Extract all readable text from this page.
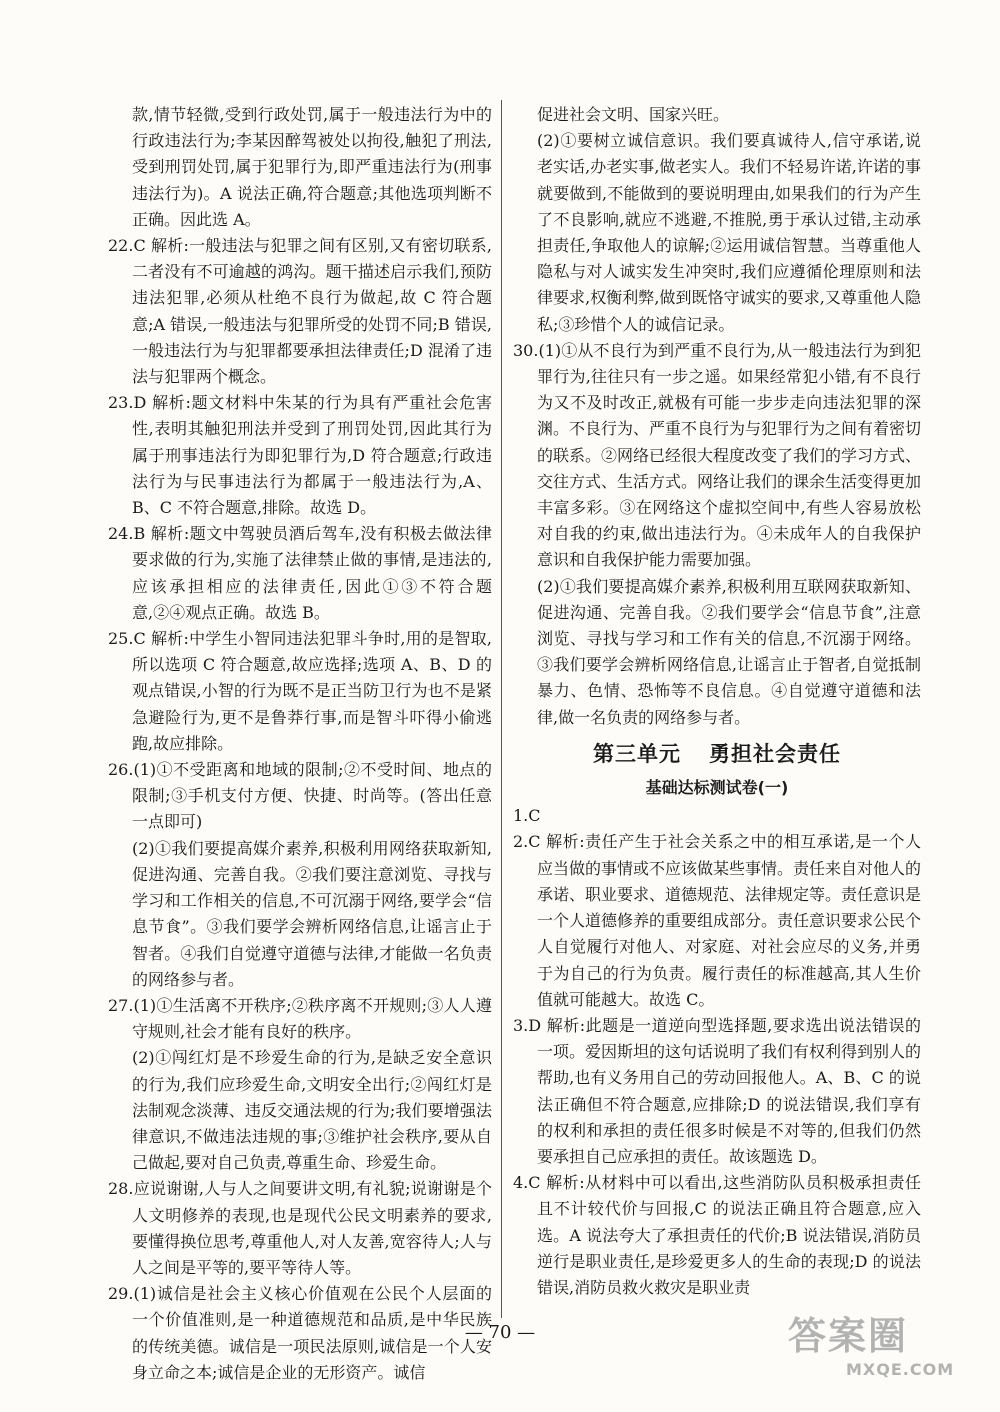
款,情节轻微,受到行政处罚,属于一般违法行为中的行政违法行为;李某因醉驾被处以拘役,触犯了刑法,受到刑罚处罚,属于犯罪行为,即严重违法行为(刑事违法行为)。A 说法正确,符合题意;其他选项判断不正确。因此选 A。

22.C 解析:一般违法与犯罪之间有区别,又有密切联系,二者没有不可逾越的鸿沟。题干描述启示我们,预防违法犯罪,必须从杜绝不良行为做起,故 C 符合题意;A 错误,一般违法与犯罪所受的处罚不同;B 错误,一般违法行为与犯罪都要承担法律责任;D 混淆了违法与犯罪两个概念。

23.D 解析:题文材料中朱某的行为具有严重社会危害性,表明其触犯刑法并受到了刑罚处罚,因此其行为属于刑事违法行为即犯罪行为,D 符合题意;行政违法行为与民事违法行为都属于一般违法行为,A、B、C 不符合题意,排除。故选 D。

24.B 解析:题文中驾驶员酒后驾车,没有积极去做法律要求做的行为,实施了法律禁止做的事情,是违法的,应该承担相应的法律责任,因此①③不符合题意,②④观点正确。故选 B。

25.C 解析:中学生小智同违法犯罪斗争时,用的是智取,所以选项 C 符合题意,故应选择;选项 A、B、D 的观点错误,小智的行为既不是正当防卫行为也不是紧急避险行为,更不是鲁莽行事,而是智斗吓得小偷逃跑,故应排除。

26.(1)①不受距离和地域的限制;②不受时间、地点的限制;③手机支付方便、快捷、时尚等。(答出任意一点即可)

(2)①我们要提高媒介素养,积极利用网络获取新知,促进沟通、完善自我。②我们要注意浏览、寻找与学习和工作相关的信息,不可沉溺于网络,要学会“信息节食”。③我们要学会辨析网络信息,让谣言止于智者。④我们自觉遵守道德与法律,才能做一名负责的网络参与者。

27.(1)①生活离不开秩序;②秩序离不开规则;③人人遵守规则,社会才能有良好的秩序。

(2)①闯红灯是不珍爱生命的行为,是缺乏安全意识的行为,我们应珍爱生命,文明安全出行;②闯红灯是法制观念淡薄、违反交通法规的行为;我们要增强法律意识,不做违法违规的事;③维护社会秩序,要从自己做起,要对自己负责,尊重生命、珍爱生命。

28.应说谢谢,人与人之间要讲文明,有礼貌;说谢谢是个人文明修养的表现,也是现代公民文明素养的要求,要懂得换位思考,尊重他人,对人友善,宽容待人;人与人之间是平等的,要平等待人等。

29.(1)诚信是社会主义核心价值观在公民个人层面的一个价值准则,是一种道德规范和品质,是中华民族的传统美德。诚信是一项民法原则,诚信是一个人安身立命之本;诚信是企业的无形资产。诚信

促进社会文明、国家兴旺。

(2)①要树立诚信意识。我们要真诚待人,信守承诺,说老实话,办老实事,做老实人。我们不轻易许诺,许诺的事就要做到,不能做到的要说明理由,如果我们的行为产生了不良影响,就应不逃避,不推脱,勇于承认过错,主动承担责任,争取他人的谅解;②运用诚信智慧。当尊重他人隐私与对人诚实发生冲突时,我们应遵循伦理原则和法律要求,权衡利弊,做到既恪守诚实的要求,又尊重他人隐私;③珍惜个人的诚信记录。

30.(1)①从不良行为到严重不良行为,从一般违法行为到犯罪行为,往往只有一步之遥。如果经常犯小错,有不良行为又不及时改正,就极有可能一步步走向违法犯罪的深渊。不良行为、严重不良行为与犯罪行为之间有着密切的联系。②网络已经很大程度改变了我们的学习方式、交往方式、生活方式。网络让我们的课余生活变得更加丰富多彩。③在网络这个虚拟空间中,有些人容易放松对自我的约束,做出违法行为。④未成年人的自我保护意识和自我保护能力需要加强。

(2)①我们要提高媒介素养,积极利用互联网获取新知、促进沟通、完善自我。②我们要学会“信息节食”,注意浏览、寻找与学习和工作有关的信息,不沉溺于网络。③我们要学会辨析网络信息,让谣言止于智者,自觉抵制暴力、色情、恐怖等不良信息。④自觉遵守道德和法律,做一名负责的网络参与者。

第三单元 勇担社会责任
基础达标测试卷(一)

1.C

2.C 解析:责任产生于社会关系之中的相互承诺,是一个人应当做的事情或不应该做某些事情。责任来自对他人的承诺、职业要求、道德规范、法律规定等。责任意识是一个人道德修养的重要组成部分。责任意识要求公民个人自觉履行对他人、对家庭、对社会应尽的义务,并勇于为自己的行为负责。履行责任的标准越高,其人生价值就可能越大。故选 C。

3.D 解析:此题是一道逆向型选择题,要求选出说法错误的一项。爱因斯坦的这句话说明了我们有权利得到别人的帮助,也有义务用自己的劳动回报他人。A、B、C 的说法正确但不符合题意,应排除;D 的说法错误,我们享有的权利和承担的责任很多时候是不对等的,但我们仍然要承担自己应承担的责任。故该题选 D。

4.C 解析:从材料中可以看出,这些消防队员积极承担责任且不计较代价与回报,C 的说法正确且符合题意,应入选。A 说法夸大了承担责任的代价;B 说法错误,消防员逆行是职业责任,是珍爱更多人的生命的表现;D 的说法错误,消防员救火救灾是职业责

— 70 —	答案圈
MXQE.COM
